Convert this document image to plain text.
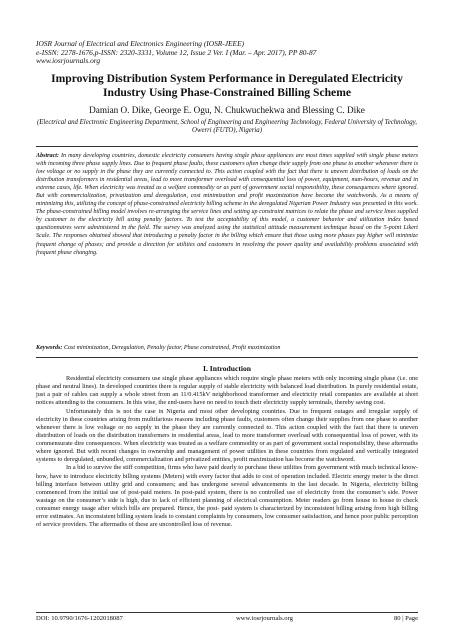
IOSR Journal of Electrical and Electronics Engineering (IOSR-JEEE)
e-ISSN: 2278-1676,p-ISSN: 2320-3331, Volume 12, Issue 2 Ver. I (Mar. – Apr. 2017), PP 80-87
www.iosrjournals.org
Improving Distribution System Performance in Deregulated Electricity Industry Using Phase-Constrained Billing Scheme
Damian O. Dike, George E. Ogu, N. Chukwuchekwa and Blessing C. Dike
(Electrical and Electronic Engineering Department, School of Engineering and Engineering Technology, Federal University of Technology, Owerri (FUTO), Nigeria)
Abstract: In many developing countries, domestic electricity consumers having single phase appliances are most times supplied with single phase meters with incoming three phase supply lines. Due to frequent phase faults, these customers often change their supply from one phase to another whenever there is low voltage or no supply in the phase they are currently connected to. This action coupled with the fact that there is uneven distribution of loads on the distribution transformers in residential areas, lead to more transformer overload with consequential loss of power, equipment, man-hours, revenue and in extreme cases, life. When electricity was treated as a welfare commodity or as part of government social responsibility, these consequences where ignored. But with commercialization, privatization and deregulation, cost minimization and profit maximization have become the watchwords. As a means of minimizing this, utilizing the concept of phase-constrained electricity billing scheme in the deregulated Nigerian Power Industry was presented in this work. The phase-constrained billing model involves re-arranging the service lines and setting up constraint matrices to relate the phase and service lines supplied by customer to the electricity bill using penalty factors. To test the acceptability of this model, a customer behavior and utilization index based questionnaires were administered in the field. The survey was analyzed using the statistical attitude measurement technique based on the 5-point Likert Scale. The responses obtained showed that introducing a penalty factor in the billing which ensure that those using more phases pay higher will minimize frequent change of phases; and provide a direction for utilities and customers in resolving the power quality and availability problems associated with frequent phase changing.
Keywords: Cost minimization, Deregulation, Penalty factor, Phase constrained, Profit maximization
I. Introduction

Residential electricity consumers use single phase appliances which require single phase meters with only incoming single phase (i.e. one phase and neutral lines). In developed countries there is regular supply of stable electricity with balanced load distribution. In purely residential estate, just a pair of cables can supply a whole street from an 11/0.415kV neighborhood transformer and electricity retail companies are available at short notices attending to the consumers. In this wise, the end-users have no need to touch their electricity supply terminals, thereby saving cost.

Unfortunately this is not the case in Nigeria and most other developing countries. Due to frequent outages and irregular supply of electricity in these countries arising from multifarious reasons including phase faults, customers often change their supplies from one phase to another whenever there is low voltage or no supply in the phase they are currently connected to. This action coupled with the fact that there is uneven distribution of loads on the distribution transformers in residential areas, lead to more transformer overload with consequential loss of power, with its commensurate dire consequences. When electricity was treated as a welfare commodity or as part of government social responsibility, these aftermaths where ignored. But with recent changes in ownership and management of power utilities in these countries from regulated and vertically integrated systems to deregulated, unbundled, commercialization and privatized entities, profit maximization has become the watchword.

In a bid to survive the stiff competition, firms who have paid dearly to purchase these utilities from government with much technical know-how, have to introduce electricity billing systems (Meters) with every factor that adds to cost of operation included. Electric energy meter is the direct billing interface between utility grid and consumers; and has undergone several advancements in the last decade. In Nigeria, electricity billing commenced from the initial use of post-paid meters. In post-paid system, there is no controlled use of electricity from the consumer’s side. Power wastage on the consumer’s side is high, due to lack of efficient planning of electrical consumption. Meter readers go from house to house to check consumer energy usage after which bills are prepared. Hence, the post- paid system is characterized by inconsistent billing arising from high billing error estimates. An inconsistent billing system leads to constant complaints by consumers, low consumer satisfaction, and hence poor public perception of service providers. The aftermaths of these are uncontrolled loss of revenue.

DOI: 10.9790/1676-1202018087	www.iosrjournals.org	80 | Page
